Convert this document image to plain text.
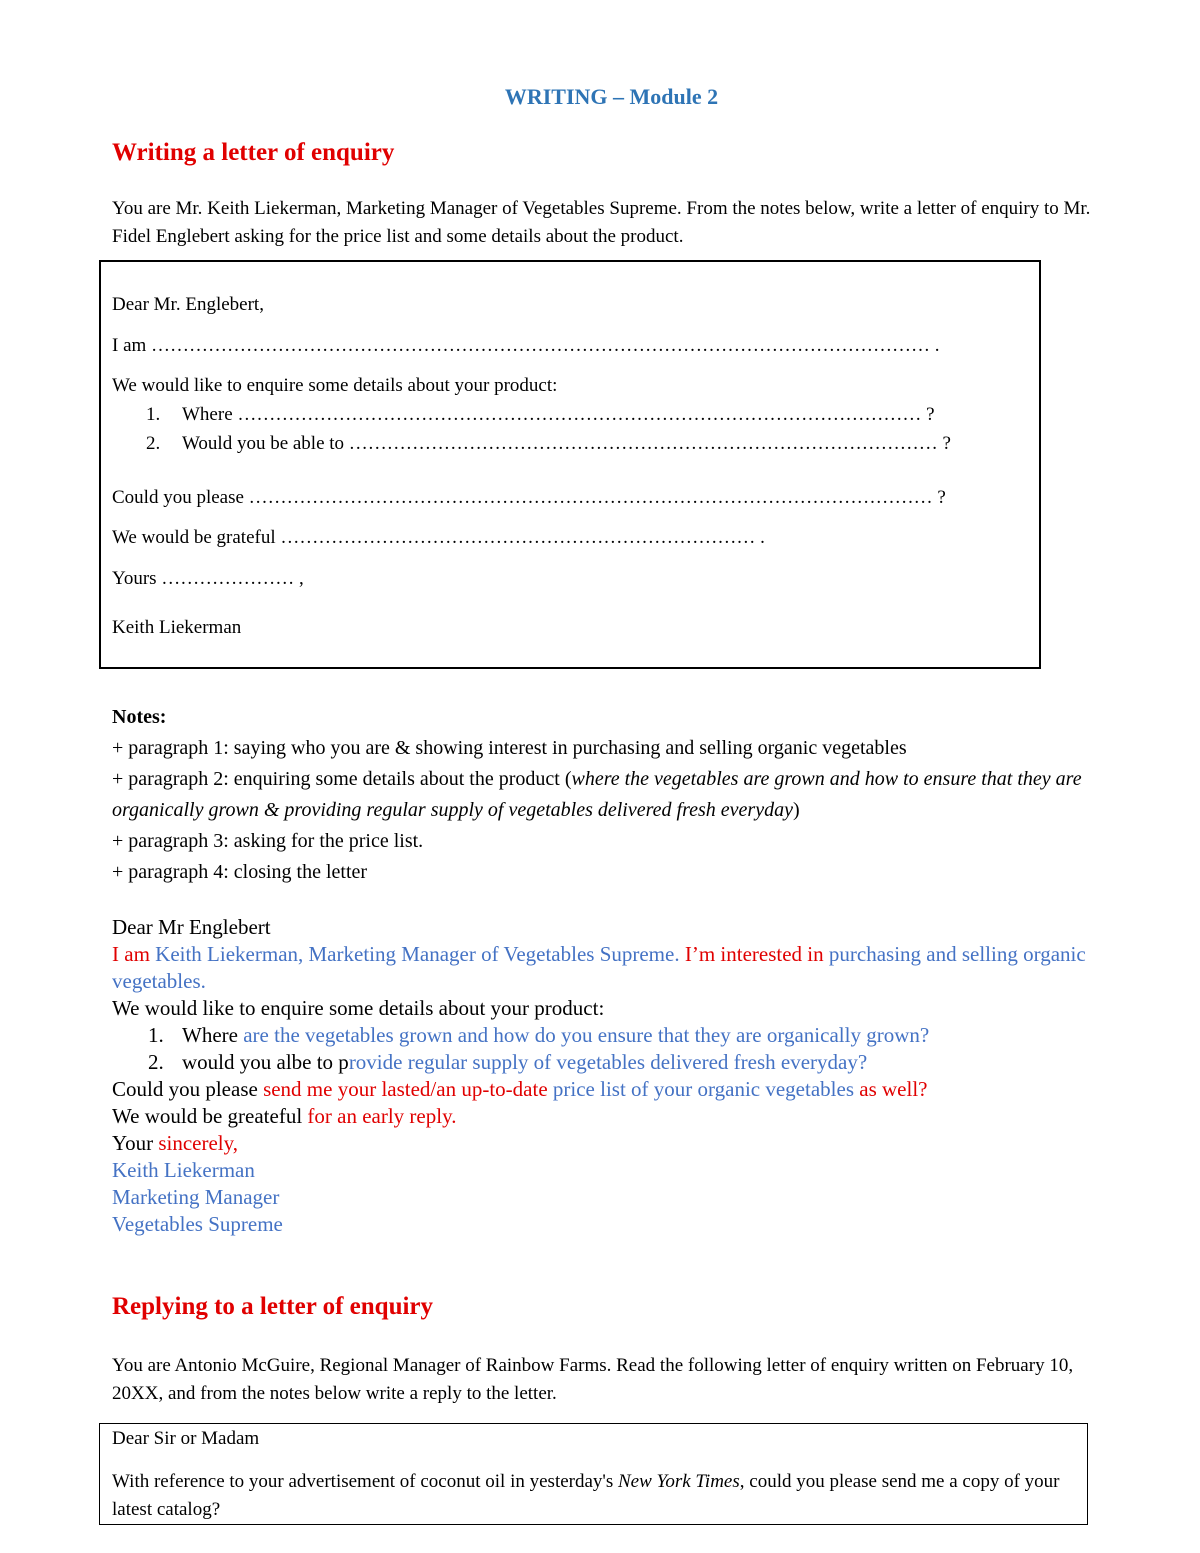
WRITING – Module 2
Writing a letter of enquiry

You are Mr. Keith Liekerman, Marketing Manager of Vegetables Supreme. From the notes below, write a letter of enquiry to Mr. Fidel Englebert asking for the price list and some details about the product.

Dear Mr. Englebert,
I am …………………………………………………………………………………………………………… .
We would like to enquire some details about your product:
1. Where ……………………………………………………………………………………………… ?
2. Would you be able to ………………………………………………………………………………… ?
Could you please ……………………………………………………………………………………………… ?
We would be grateful ………………………………………………………………… .
Yours ………………… ,
Keith Liekerman

Notes:

+ paragraph 1: saying who you are & showing interest in purchasing and selling organic vegetables

+ paragraph 2: enquiring some details about the product (where the vegetables are grown and how to ensure that they are organically grown & providing regular supply of vegetables delivered fresh everyday)

+ paragraph 3: asking for the price list.

+ paragraph 4: closing the letter

Dear Mr Englebert

I am Keith Liekerman, Marketing Manager of Vegetables Supreme. I’m interested in purchasing and selling organic vegetables.

We would like to enquire some details about your product:

1. Where are the vegetables grown and how do you ensure that they are organically grown?

2. would you albe to provide regular supply of vegetables delivered fresh everyday?

Could you please send me your lasted/an up-to-date price list of your organic vegetables as well?

We would be greateful for an early reply.

Your sincerely,

Keith Liekerman

Marketing Manager

Vegetables Supreme

Replying to a letter of enquiry

You are Antonio McGuire, Regional Manager of Rainbow Farms. Read the following letter of enquiry written on February 10, 20XX, and from the notes below write a reply to the letter.

Dear Sir or Madam
With reference to your advertisement of coconut oil in yesterday's New York Times, could you please send me a copy of your latest catalog?
